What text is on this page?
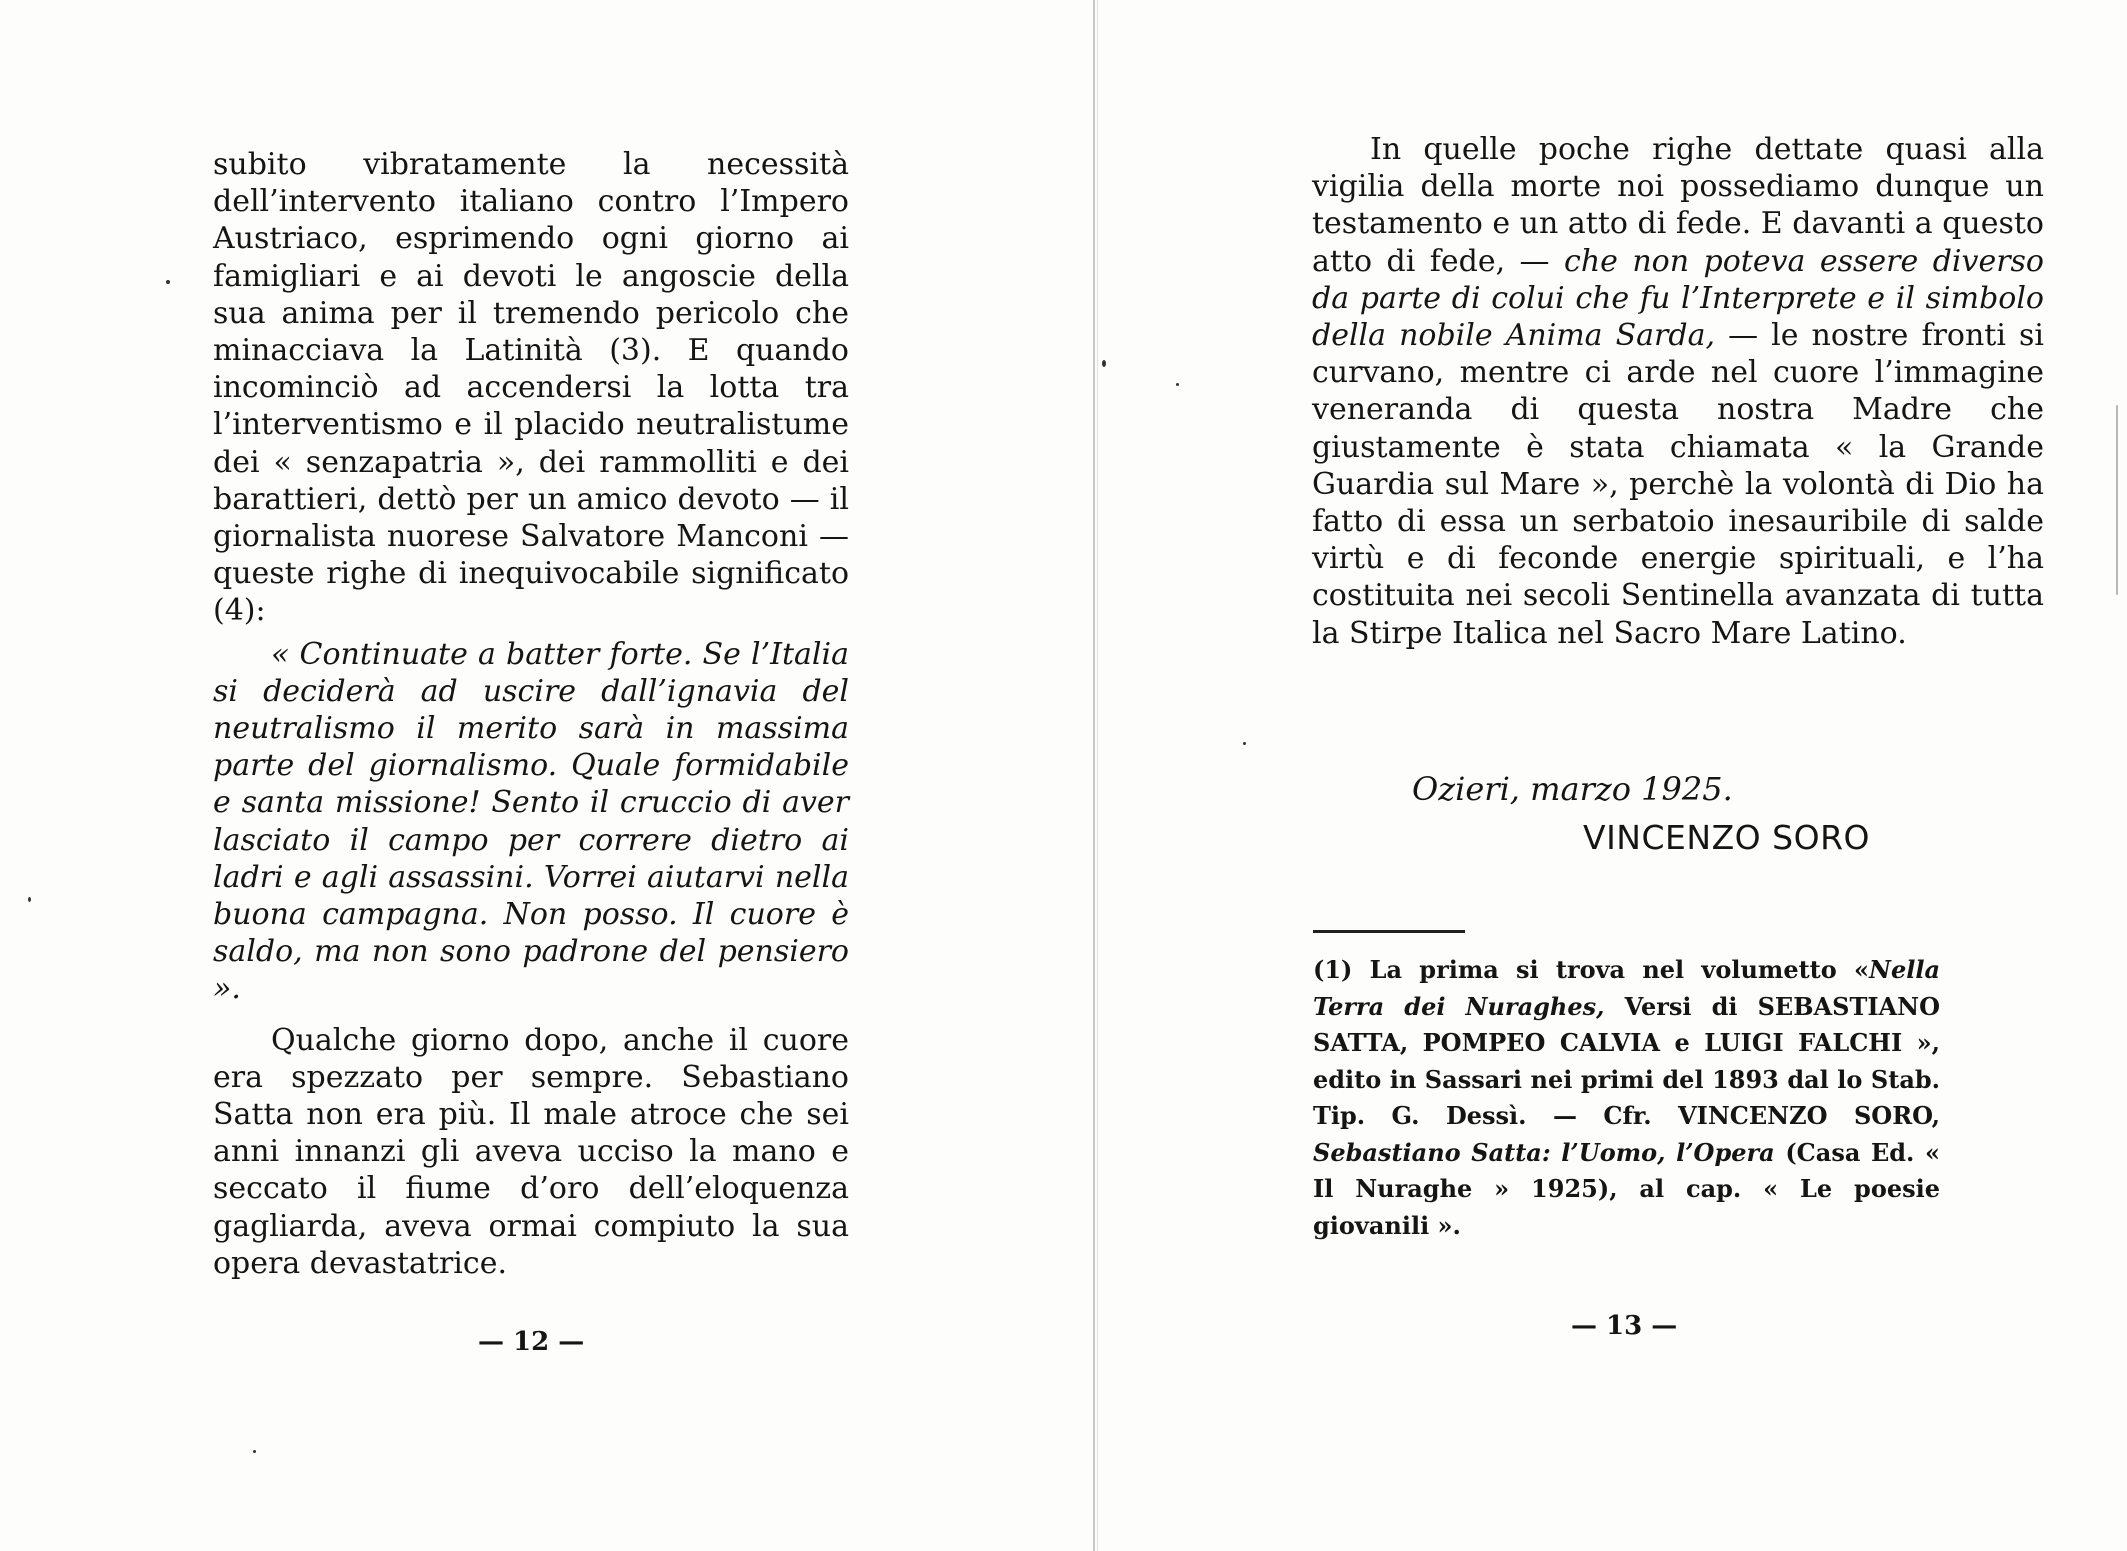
subito vibratamente la necessità dell’intervento italiano contro l’Impero Austriaco, esprimendo ogni giorno ai famigliari e ai devoti le angoscie della sua anima per il tremendo pericolo che minacciava la Latinità (3). E quando incominciò ad accendersi la lotta tra l’interventismo e il placido neutralistume dei « senzapatria », dei rammolliti e dei barattieri, dettò per un amico devoto — il giornalista nuorese Salvatore Manconi — queste righe di inequivocabile significato (4):

« Continuate a batter forte. Se l’Italia si deciderà ad uscire dall’ignavia del neutralismo il merito sarà in massima parte del giornalismo. Quale formidabile e santa missione! Sento il cruccio di aver lasciato il campo per correre dietro ai ladri e agli assassini. Vorrei aiutarvi nella buona campagna. Non posso. Il cuore è saldo, ma non sono padrone del pensiero ».

Qualche giorno dopo, anche il cuore era spezzato per sempre. Sebastiano Satta non era più. Il male atroce che sei anni innanzi gli aveva ucciso la mano e seccato il fiume d’oro dell’eloquenza gagliarda, aveva ormai compiuto la sua opera devastatrice.

— 12 —

In quelle poche righe dettate quasi alla vigilia della morte noi possediamo dunque un testamento e un atto di fede. E davanti a questo atto di fede, — che non poteva essere diverso da parte di colui che fu l’Interprete e il simbolo della nobile Anima Sarda, — le nostre fronti si curvano, mentre ci arde nel cuore l’immagine veneranda di questa nostra Madre che giustamente è stata chiamata « la Grande Guardia sul Mare », perchè la volontà di Dio ha fatto di essa un serbatoio inesauribile di salde virtù e di feconde energie spirituali, e l’ha costituita nei secoli Sentinella avanzata di tutta la Stirpe Italica nel Sacro Mare Latino.

Ozieri, marzo 1925.
VINCENZO SORO
(1) La prima si trova nel volumetto «Nella Terra dei Nuraghes, Versi di SEBASTIANO SATTA, POMPEO CALVIA e LUIGI FALCHI », edito in Sassari nei primi del 1893 dal lo Stab. Tip. G. Dessì. — Cfr. VINCENZO SORO, Sebastiano Satta: l’Uomo, l’Opera (Casa Ed. « Il Nuraghe » 1925), al cap. « Le poesie giovanili ».
— 13 —
